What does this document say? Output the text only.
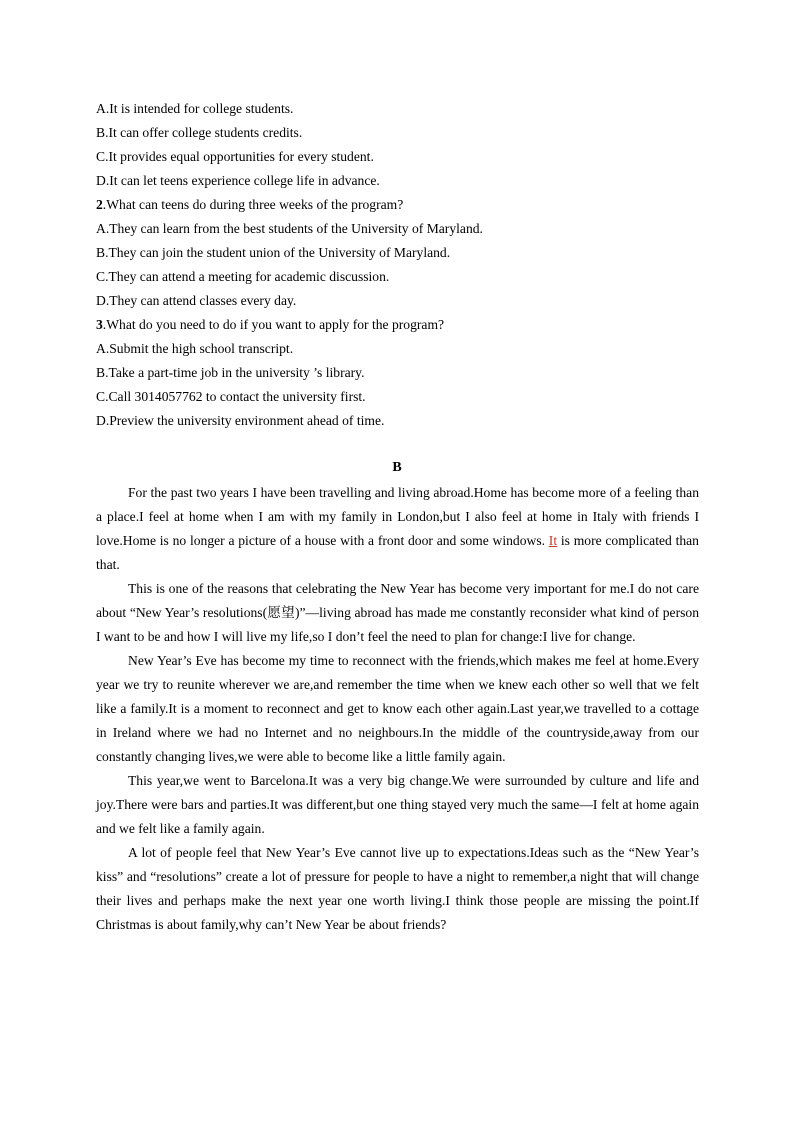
A.It is intended for college students.
B.It can offer college students credits.
C.It provides equal opportunities for every student.
D.It can let teens experience college life in advance.
2.What can teens do during three weeks of the program?
A.They can learn from the best students of the University of Maryland.
B.They can join the student union of the University of Maryland.
C.They can attend a meeting for academic discussion.
D.They can attend classes every day.
3.What do you need to do if you want to apply for the program?
A.Submit the high school transcript.
B.Take a part-time job in the university ’s library.
C.Call 3014057762 to contact the university first.
D.Preview the university environment ahead of time.
B

For the past two years I have been travelling and living abroad.Home has become more of a feeling than a place.I feel at home when I am with my family in London,but I also feel at home in Italy with friends I love.Home is no longer a picture of a house with a front door and some windows. It is more complicated than that.

This is one of the reasons that celebrating the New Year has become very important for me.I do not care about “New Year’s resolutions(愿望)”—living abroad has made me constantly reconsider what kind of person I want to be and how I will live my life,so I don’t feel the need to plan for change:I live for change.

New Year’s Eve has become my time to reconnect with the friends,which makes me feel at home.Every year we try to reunite wherever we are,and remember the time when we knew each other so well that we felt like a family.It is a moment to reconnect and get to know each other again.Last year,we travelled to a cottage in Ireland where we had no Internet and no neighbours.In the middle of the countryside,away from our constantly changing lives,we were able to become like a little family again.

This year,we went to Barcelona.It was a very big change.We were surrounded by culture and life and joy.There were bars and parties.It was different,but one thing stayed very much the same—I felt at home again and we felt like a family again.

A lot of people feel that New Year’s Eve cannot live up to expectations.Ideas such as the “New Year’s kiss” and “resolutions” create a lot of pressure for people to have a night to remember,a night that will change their lives and perhaps make the next year one worth living.I think those people are missing the point.If Christmas is about family,why can’t New Year be about friends?
